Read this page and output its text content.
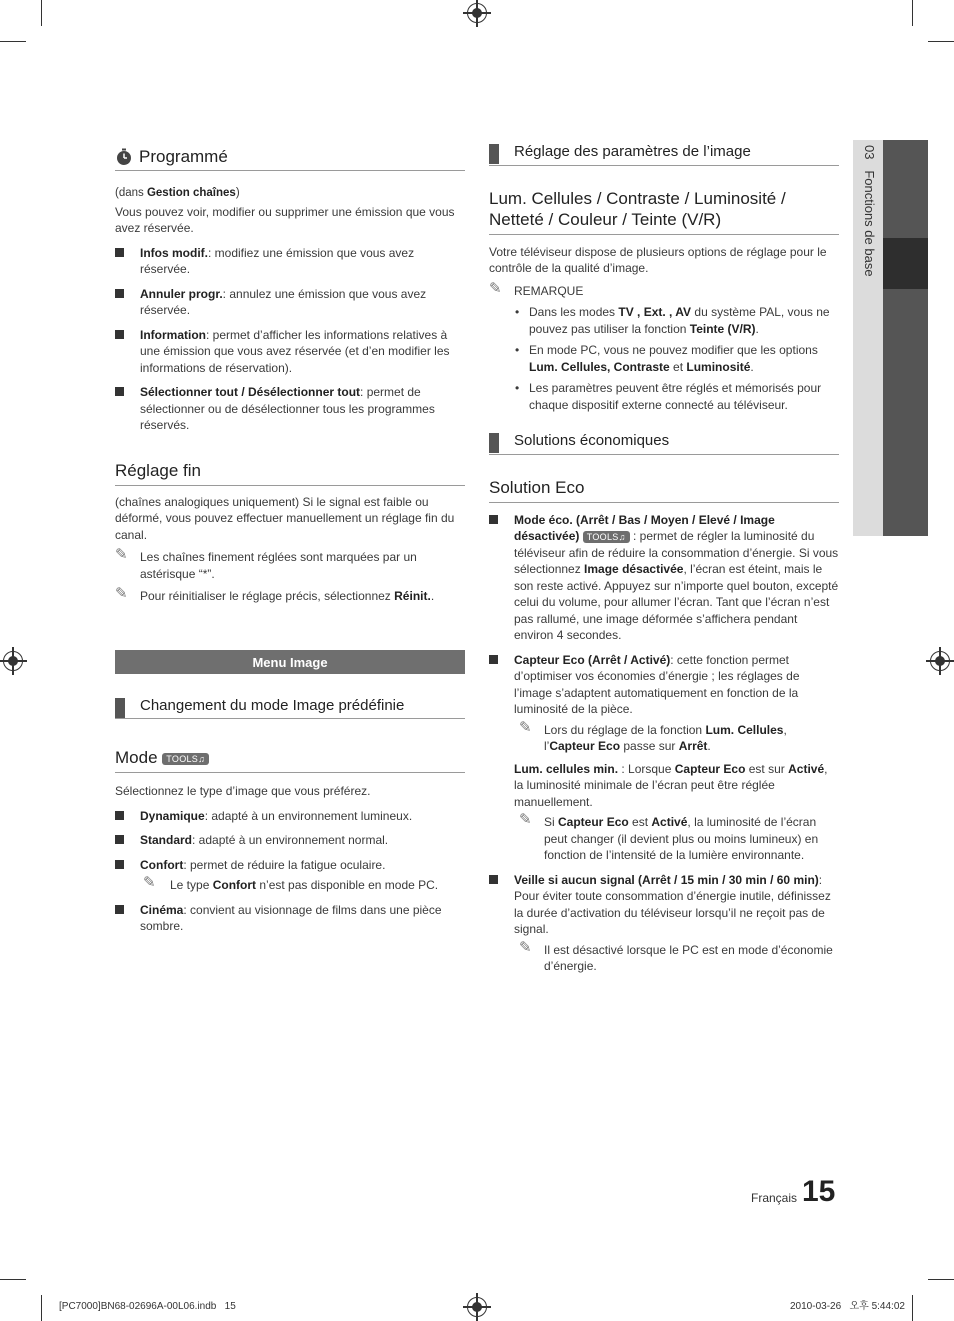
03   Fonctions de base
Programmé

(dans Gestion chaînes)

Vous pouvez voir, modifier ou supprimer une émission que vous avez réservée.

Infos modif.: modifiez une émission que vous avez réservée.
Annuler progr.: annulez une émission que vous avez réservée.
Information: permet d’afficher les informations relatives à une émission que vous avez réservée (et d’en modifier les informations de réservation).
Sélectionner tout / Désélectionner tout: permet de sélectionner ou de désélectionner tous les programmes réservés.
Réglage fin

(chaînes analogiques uniquement) Si le signal est faible ou déformé, vous pouvez effectuer manuellement un réglage fin du canal.

✎ Les chaînes finement réglées sont marquées par un astérisque “*”.
✎ Pour réinitialiser le réglage précis, sélectionnez Réinit..
Menu Image
Changement du mode Image prédéfinie
Mode TOOLS♫

Sélectionnez le type d’image que vous préférez.

Dynamique: adapté à un environnement lumineux.
Standard: adapté à un environnement normal.
Confort: permet de réduire la fatigue oculaire.
✎ Le type Confort n’est pas disponible en mode PC.
Cinéma: convient au visionnage de films dans une pièce sombre.
Réglage des paramètres de l’image
Lum. Cellules / Contraste / Luminosité / Netteté / Couleur / Teinte (V/R)

Votre téléviseur dispose de plusieurs options de réglage pour le contrôle de la qualité d’image.

✎ REMARQUE
• Dans les modes TV , Ext. , AV du système PAL, vous ne pouvez pas utiliser la fonction Teinte (V/R).
• En mode PC, vous ne pouvez modifier que les options Lum. Cellules, Contraste et Luminosité.
• Les paramètres peuvent être réglés et mémorisés pour chaque dispositif externe connecté au téléviseur.
Solutions économiques
Solution Eco
Mode éco. (Arrêt / Bas / Moyen / Elevé / Image désactivée) TOOLS♫ : permet de régler la luminosité du téléviseur afin de réduire la consommation d’énergie. Si vous sélectionnez Image désactivée, l’écran est éteint, mais le son reste activé. Appuyez sur n’importe quel bouton, excepté celui du volume, pour allumer l’écran. Tant que l’écran n’est pas rallumé, une image déformée s’affichera pendant environ 4 secondes.
Capteur Eco (Arrêt / Activé): cette fonction permet d’optimiser vos économies d’énergie ; les réglages de l’image s’adaptent automatiquement en fonction de la luminosité de la pièce.
✎ Lors du réglage de la fonction Lum. Cellules, l’Capteur Eco passe sur Arrêt.
Lum. cellules min. : Lorsque Capteur Eco est sur Activé, la luminosité minimale de l’écran peut être réglée manuellement.
✎ Si Capteur Eco est Activé, la luminosité de l’écran peut changer (il devient plus ou moins lumineux) en fonction de l’intensité de la lumière environnante.
Veille si aucun signal (Arrêt / 15 min / 30 min / 60 min): Pour éviter toute consommation d’énergie inutile, définissez la durée d’activation du téléviseur lorsqu’il ne reçoit pas de signal.
✎ Il est désactivé lorsque le PC est en mode d’économie d’énergie.
Français 15
[PC7000]BN68-02696A-00L06.indb   15	2010-03-26   오후 5:44:02
